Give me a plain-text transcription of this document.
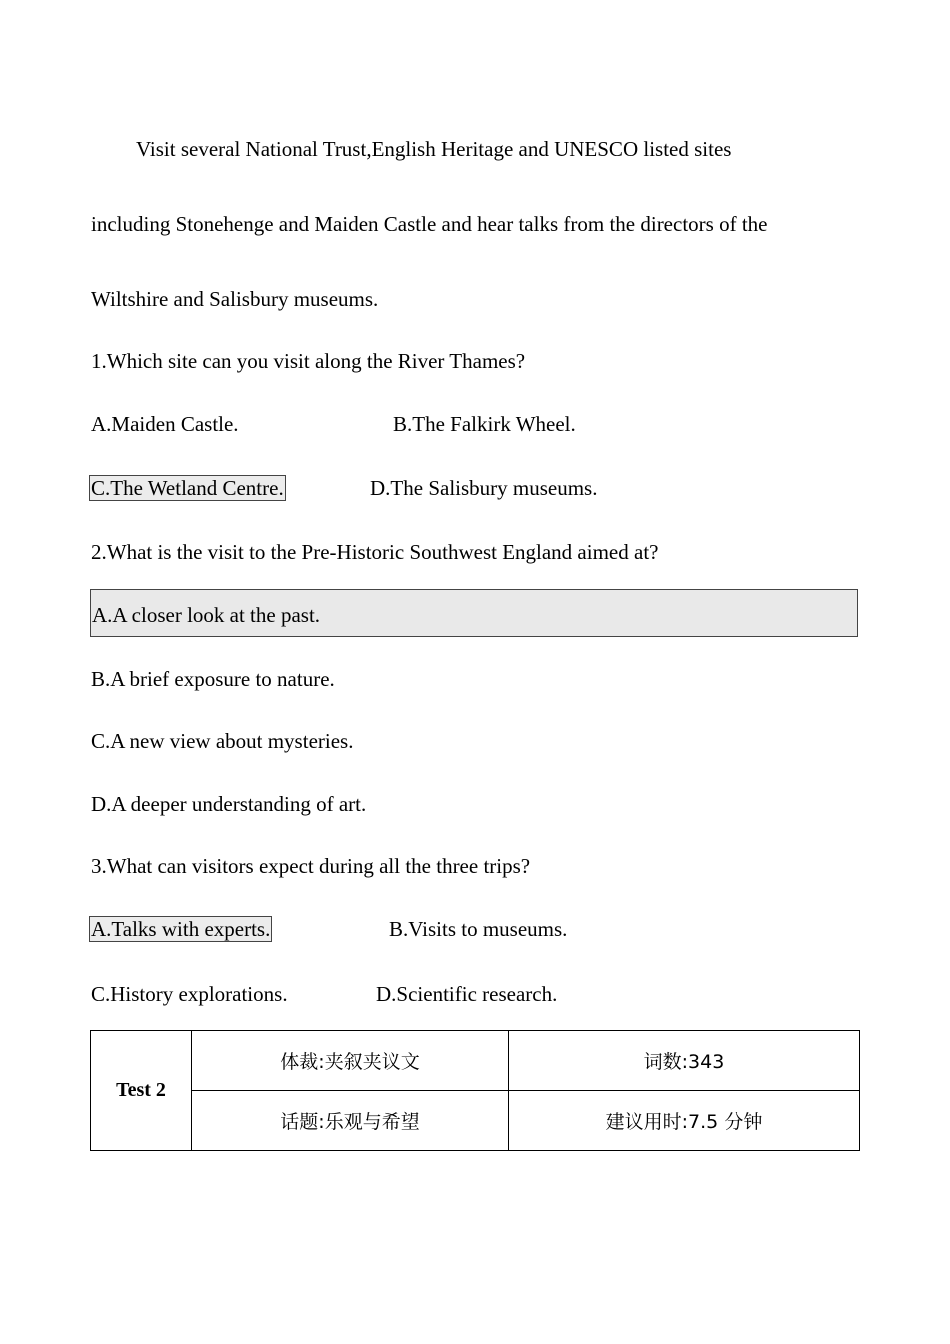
Visit several National Trust,English Heritage and UNESCO listed sites
including Stonehenge and Maiden Castle and hear talks from the directors of the
Wiltshire and Salisbury museums.
1.Which site can you visit along the River Thames?
A.Maiden Castle.	B.The Falkirk Wheel.
C.The Wetland Centre.	D.The Salisbury museums.
2.What is the visit to the Pre-Historic Southwest England aimed at?
A.A closer look at the past.
B.A brief exposure to nature.
C.A new view about mysteries.
D.A deeper understanding of art.
3.What can visitors expect during all the three trips?
A.Talks with experts.	B.Visits to museums.
C.History explorations.	D.Scientific research.
Test 2	体裁:夹叙夹议文	词数:343
	话题:乐观与希望	建议用时:7.5 分钟
